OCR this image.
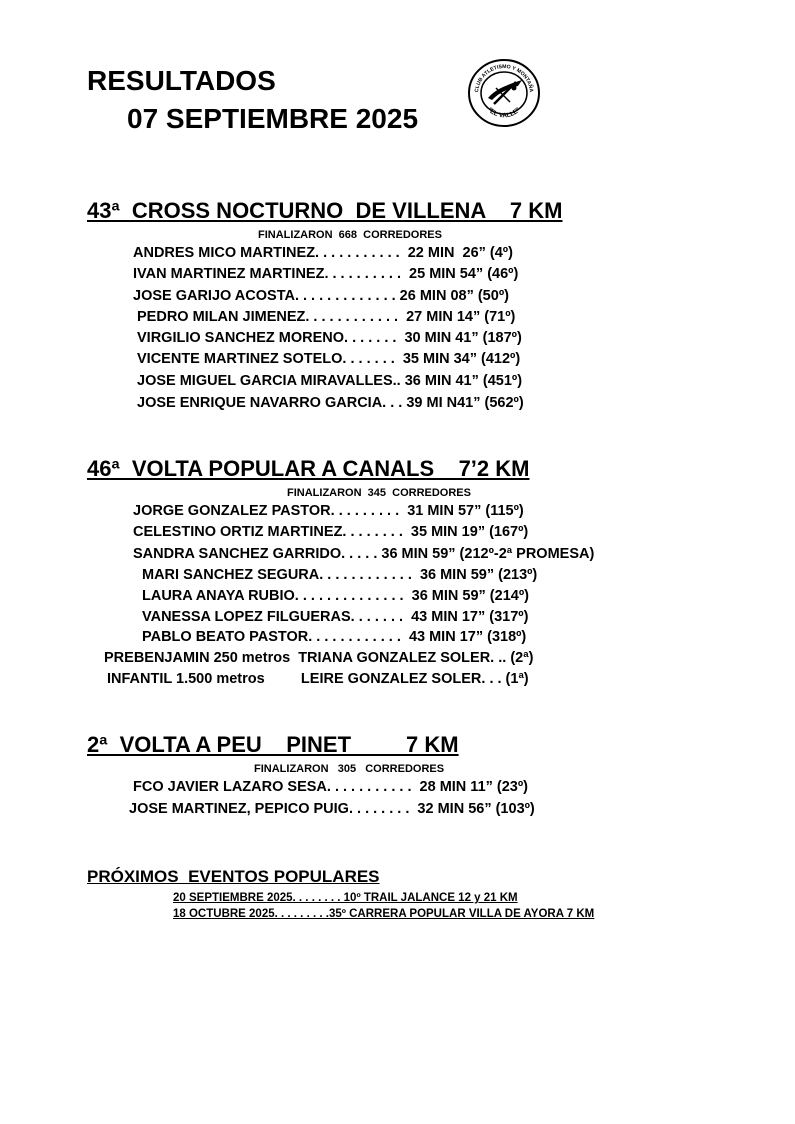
RESULTADOS
07 SEPTIEMBRE 2025
CLUB ATLETISMO Y MONTAÑA
"EL VALLE"
43ª  CROSS NOCTURNO  DE VILLENA    7 KM
FINALIZARON  668  CORREDORES
ANDRES MICO MARTINEZ. . . . . . . . . . .  22 MIN  26” (4º)
IVAN MARTINEZ MARTINEZ. . . . . . . . . .  25 MIN 54” (46º)
JOSE GARIJO ACOSTA. . . . . . . . . . . . . 26 MIN 08” (50º)
PEDRO MILAN JIMENEZ. . . . . . . . . . . .  27 MIN 14” (71º)
VIRGILIO SANCHEZ MORENO. . . . . . .  30 MIN 41” (187º)
VICENTE MARTINEZ SOTELO. . . . . . .  35 MIN 34” (412º)
JOSE MIGUEL GARCIA MIRAVALLES.. 36 MIN 41” (451º)
JOSE ENRIQUE NAVARRO GARCIA. . . 39 MI N41” (562º)
46ª  VOLTA POPULAR A CANALS    7’2 KM
FINALIZARON  345  CORREDORES
JORGE GONZALEZ PASTOR. . . . . . . . .  31 MIN 57” (115º)
CELESTINO ORTIZ MARTINEZ. . . . . . . .  35 MIN 19” (167º)
SANDRA SANCHEZ GARRIDO. . . . . 36 MIN 59” (212º-2ª PROMESA)
MARI SANCHEZ SEGURA. . . . . . . . . . . .  36 MIN 59” (213º)
LAURA ANAYA RUBIO. . . . . . . . . . . . . .  36 MIN 59” (214º)
VANESSA LOPEZ FILGUERAS. . . . . . .  43 MIN 17” (317º)
PABLO BEATO PASTOR. . . . . . . . . . . .  43 MIN 17” (318º)
PREBENJAMIN 250 metros  TRIANA GONZALEZ SOLER. .. (2ª)
INFANTIL 1.500 metros         LEIRE GONZALEZ SOLER. . . (1ª)
2ª  VOLTA A PEU    PINET         7 KM
FINALIZARON   305   CORREDORES
FCO JAVIER LAZARO SESA. . . . . . . . . . .  28 MIN 11” (23º)
JOSE MARTINEZ, PEPICO PUIG. . . . . . . .  32 MIN 56” (103º)
PRÓXIMOS  EVENTOS POPULARES
20 SEPTIEMBRE 2025. . . . . . . . 10º TRAIL JALANCE 12 y 21 KM
18 OCTUBRE 2025. . . . . . . . .35º CARRERA POPULAR VILLA DE AYORA 7 KM
